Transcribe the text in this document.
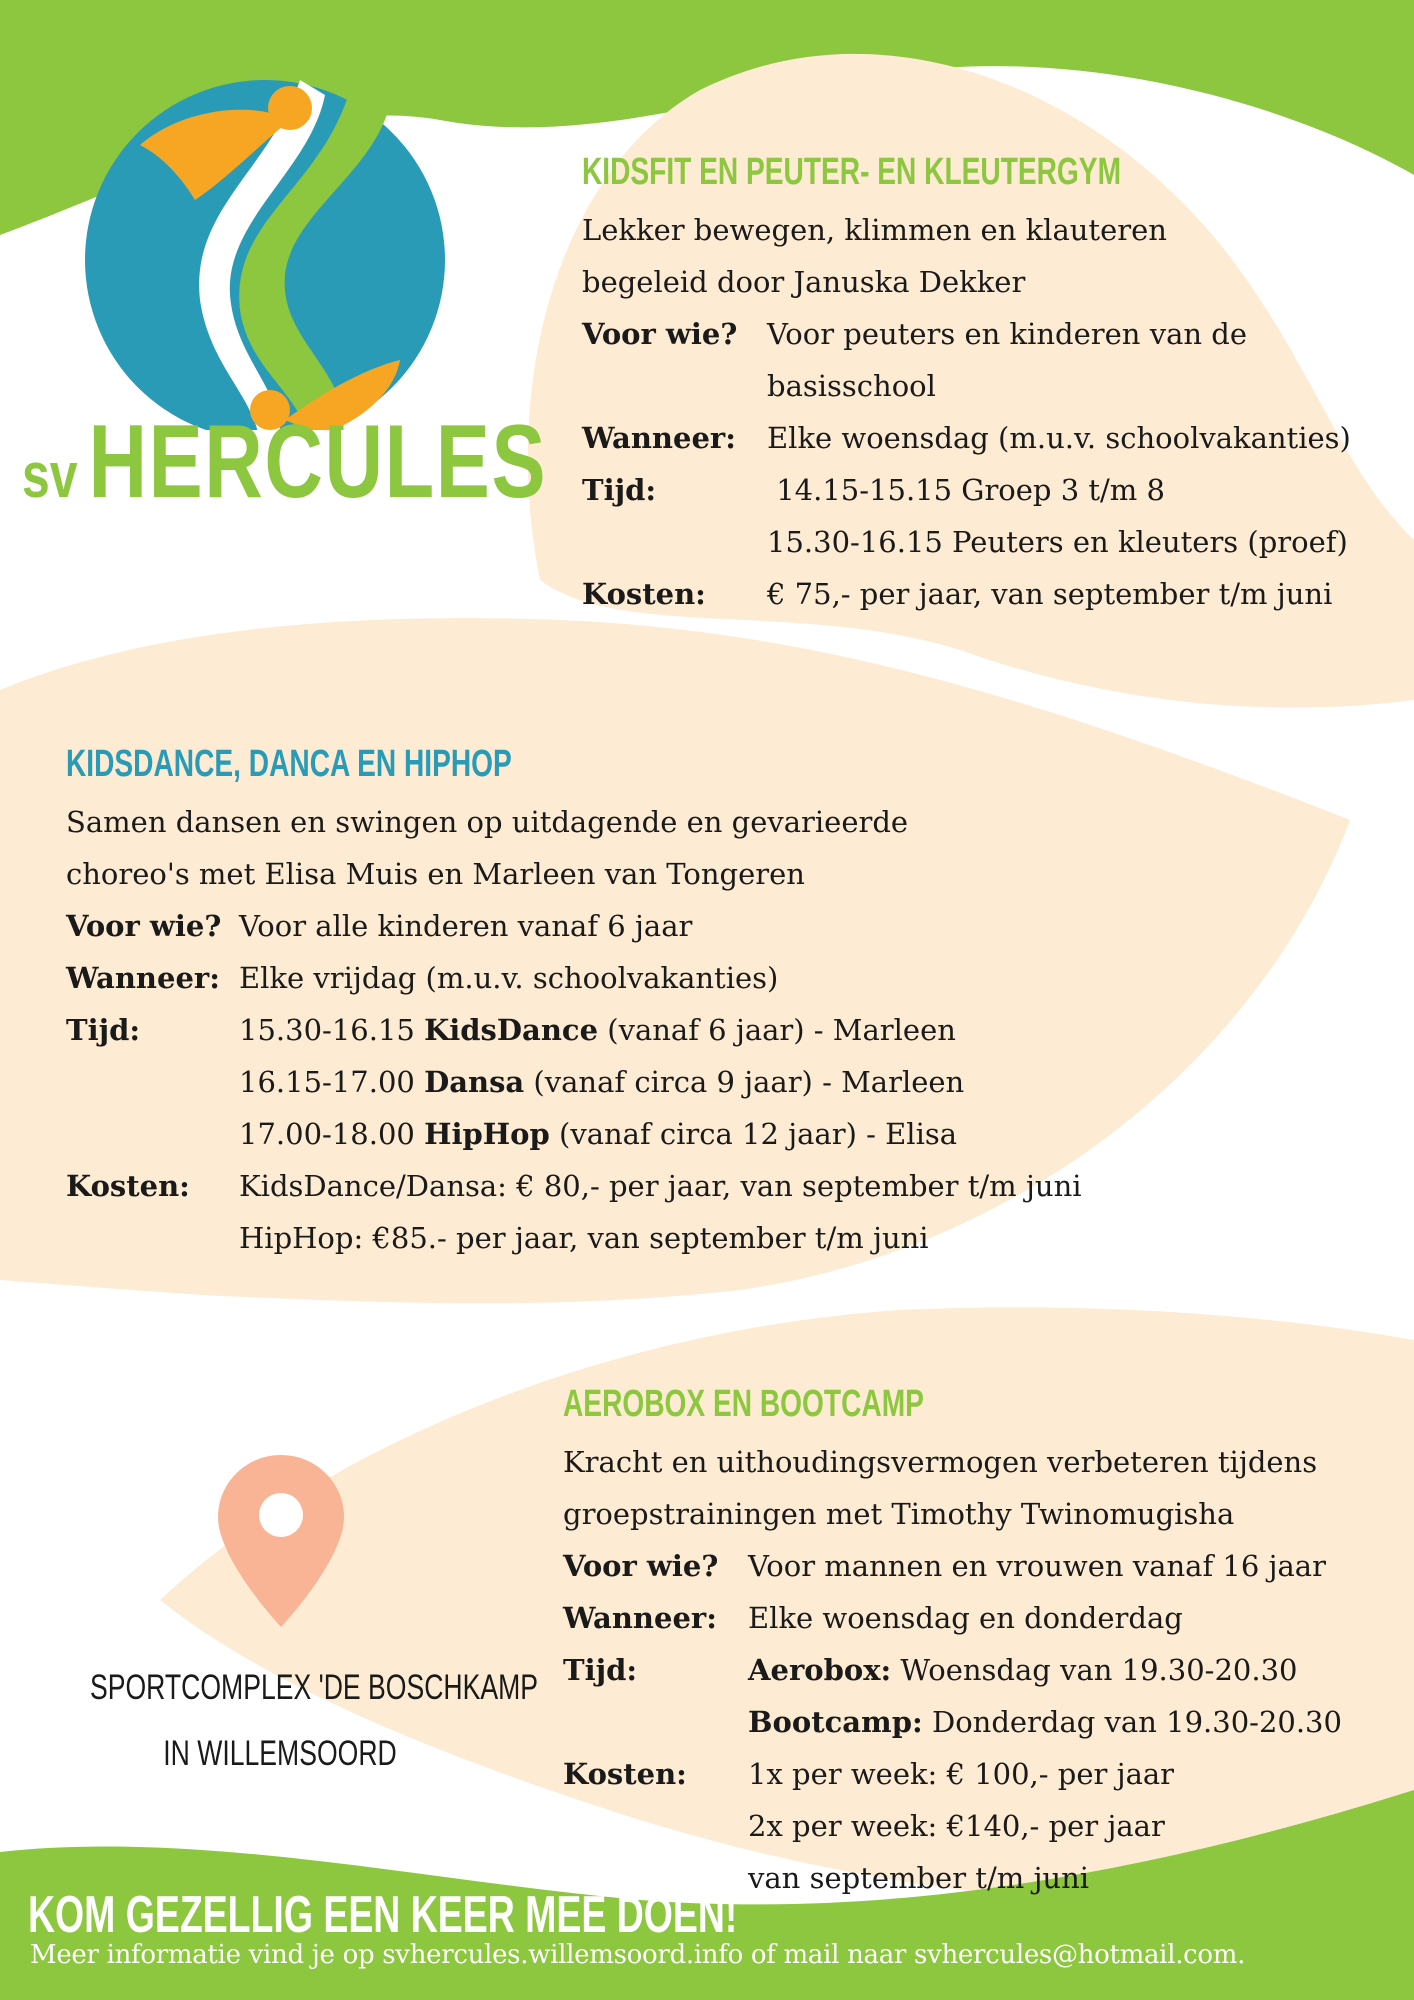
sv HERCULES
KIDSFIT EN PEUTER- EN KLEUTERGYM

Lekker bewegen, klimmen en klauteren
begeleid door Januska Dekker

Voor wie?	Voor peuters en kinderen van de
basisschool
Wanneer:	Elke woensdag (m.u.v. schoolvakanties)
Tijd:	14.15-15.15 Groep 3 t/m 8
15.30-16.15 Peuters en kleuters (proef)
Kosten:	€ 75,- per jaar, van september t/m juni
KIDSDANCE, DANCA EN HIPHOP

Samen dansen en swingen op uitdagende en gevarieerde
choreo's met Elisa Muis en Marleen van Tongeren

Voor wie? Voor alle kinderen vanaf 6 jaar
Wanneer: Elke vrijdag (m.u.v. schoolvakanties)
Tijd:	15.30-16.15 KidsDance (vanaf 6 jaar) - Marleen
16.15-17.00 Dansa (vanaf circa 9 jaar) - Marleen
17.00-18.00 HipHop (vanaf circa 12 jaar) - Elisa
Kosten:	KidsDance/Dansa: € 80,- per jaar, van september t/m juni
HipHop: €85.- per jaar, van september t/m juni
AEROBOX EN BOOTCAMP

Kracht en uithoudingsvermogen verbeteren tijdens
groepstrainingen met Timothy Twinomugisha

Voor wie?	Voor mannen en vrouwen vanaf 16 jaar
Wanneer:	Elke woensdag en donderdag
Tijd:	Aerobox: Woensdag van 19.30-20.30
Bootcamp: Donderdag van 19.30-20.30
Kosten:	1x per week: € 100,- per jaar
2x per week: €140,- per jaar
van september t/m juni
SPORTCOMPLEX 'DE BOSCHKAMP
IN WILLEMSOORD
KOM GEZELLIG EEN KEER MEE DOEN!
Meer informatie vind je op svhercules.willemsoord.info of mail naar svhercules@hotmail.com.
